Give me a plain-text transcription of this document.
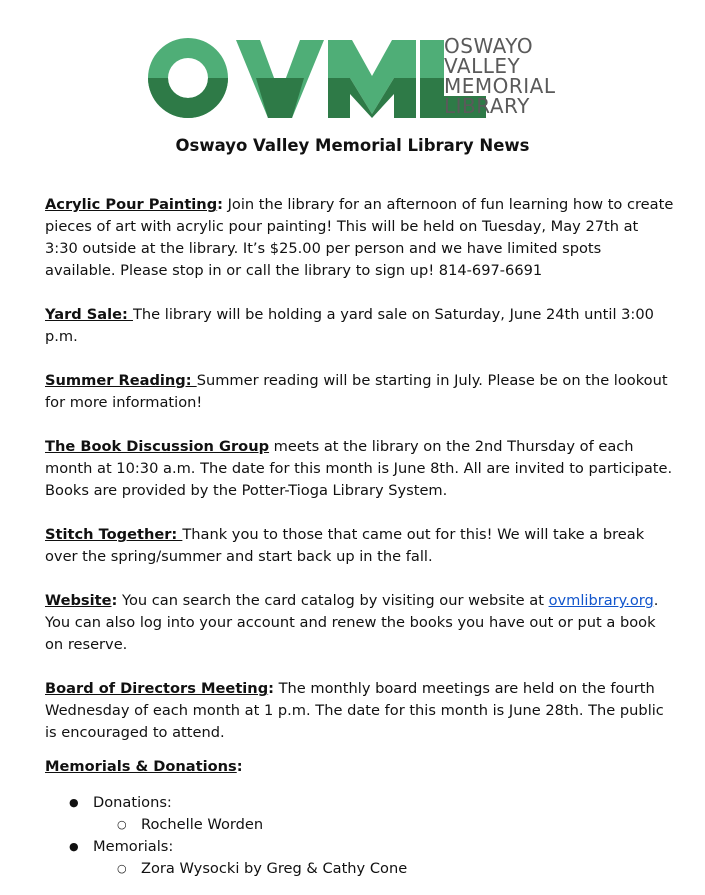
OSWAYO
VALLEY
MEMORIAL
LIBRARY
Oswayo Valley Memorial Library News

Acrylic Pour Painting: Join the library for an afternoon of fun learning how to create pieces of art with acrylic pour painting! This will be held on Tuesday, May 27th at 3:30 outside at the library. It’s $25.00 per person and we have limited spots available. Please stop in or call the library to sign up! 814-697-6691

Yard Sale: The library will be holding a yard sale on Saturday, June 24th until 3:00 p.m.

Summer Reading: Summer reading will be starting in July. Please be on the lookout for more information!

The Book Discussion Group meets at the library on the 2nd Thursday of each month at 10:30 a.m. The date for this month is June 8th. All are invited to participate. Books are provided by the Potter-Tioga Library System.

Stitch Together: Thank you to those that came out for this! We will take a break over the spring/summer and start back up in the fall.

Website: You can search the card catalog by visiting our website at ovmlibrary.org. You can also log into your account and renew the books you have out or put a book on reserve.

Board of Directors Meeting: The monthly board meetings are held on the fourth Wednesday of each month at 1 p.m. The date for this month is June 28th. The public is encouraged to attend.

Memorials & Donations:
● Donations:
○ Rochelle Worden
● Memorials:
○ Zora Wysocki by Greg & Cathy Cone
